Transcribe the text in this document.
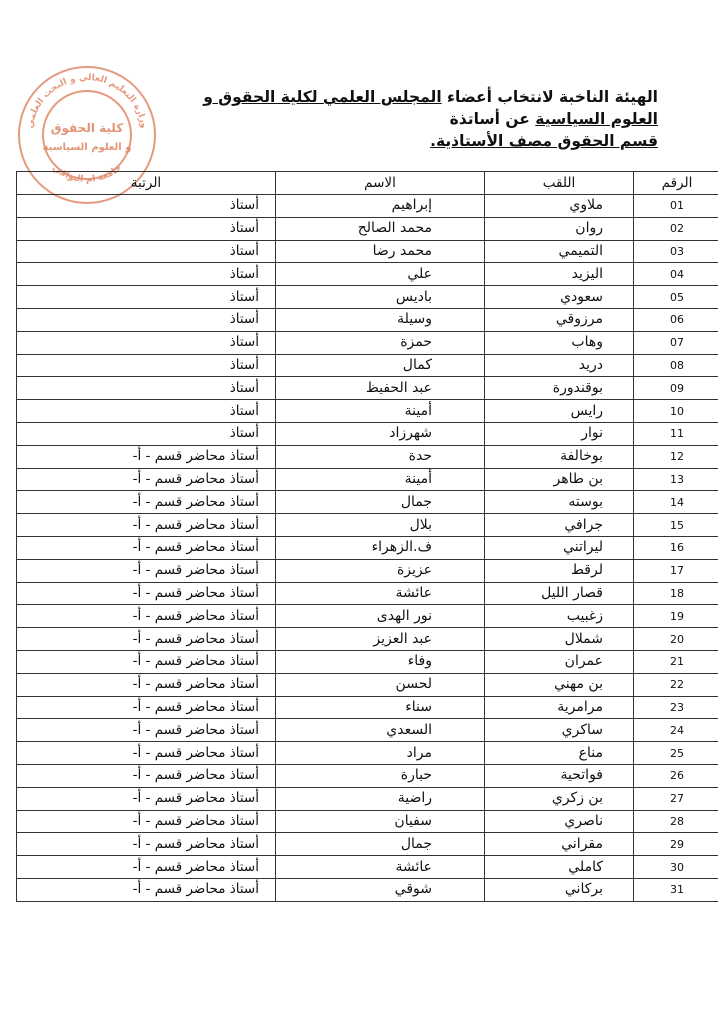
وزارة التعليم العالي و البحث العلمي
جامعة ام البواقي
كلية الحقوق
و العلوم السياسية
الهيئة الناخبة لانتخاب أعضاء المجلس العلمي لكلية الحقوق و العلوم السياسية عن أساتذة
قسم الحقوق مصف الأستاذية.
الرقم	اللقب	الاسم	الرتبة
01	ملاوي	إبراهيم	أستاذ
02	روان	محمد الصالح	أستاذ
03	التميمي	محمد رضا	أستاذ
04	اليزيد	علي	أستاذ
05	سعودي	باديس	أستاذ
06	مرزوقي	وسيلة	أستاذ
07	وهاب	حمزة	أستاذ
08	دريد	كمال	أستاذ
09	بوقندورة	عبد الحفيظ	أستاذ
10	رايس	أمينة	أستاذ
11	نوار	شهرزاد	أستاذ
12	بوخالفة	حدة	أستاذ محاضر قسم - أ-
13	بن طاهر	أمينة	أستاذ محاضر قسم - أ-
14	بوسته	جمال	أستاذ محاضر قسم - أ-
15	جرافي	بلال	أستاذ محاضر قسم - أ-
16	ليراتني	ف.الزهراء	أستاذ محاضر قسم - أ-
17	لرقط	عزيزة	أستاذ محاضر قسم - أ-
18	قصار الليل	عائشة	أستاذ محاضر قسم - أ-
19	زغبيب	نور الهدى	أستاذ محاضر قسم - أ-
20	شملال	عبد العزيز	أستاذ محاضر قسم - أ-
21	عمران	وفاء	أستاذ محاضر قسم - أ-
22	بن مهني	لحسن	أستاذ محاضر قسم - أ-
23	مرامرية	سناء	أستاذ محاضر قسم - أ-
24	ساكري	السعدي	أستاذ محاضر قسم - أ-
25	مناع	مراد	أستاذ محاضر قسم - أ-
26	فواتحية	حبارة	أستاذ محاضر قسم - أ-
27	بن زكري	راضية	أستاذ محاضر قسم - أ-
28	ناصري	سفيان	أستاذ محاضر قسم - أ-
29	مقراني	جمال	أستاذ محاضر قسم - أ-
30	كاملي	عائشة	أستاذ محاضر قسم - أ-
31	بركاني	شوقي	أستاذ محاضر قسم - أ-
